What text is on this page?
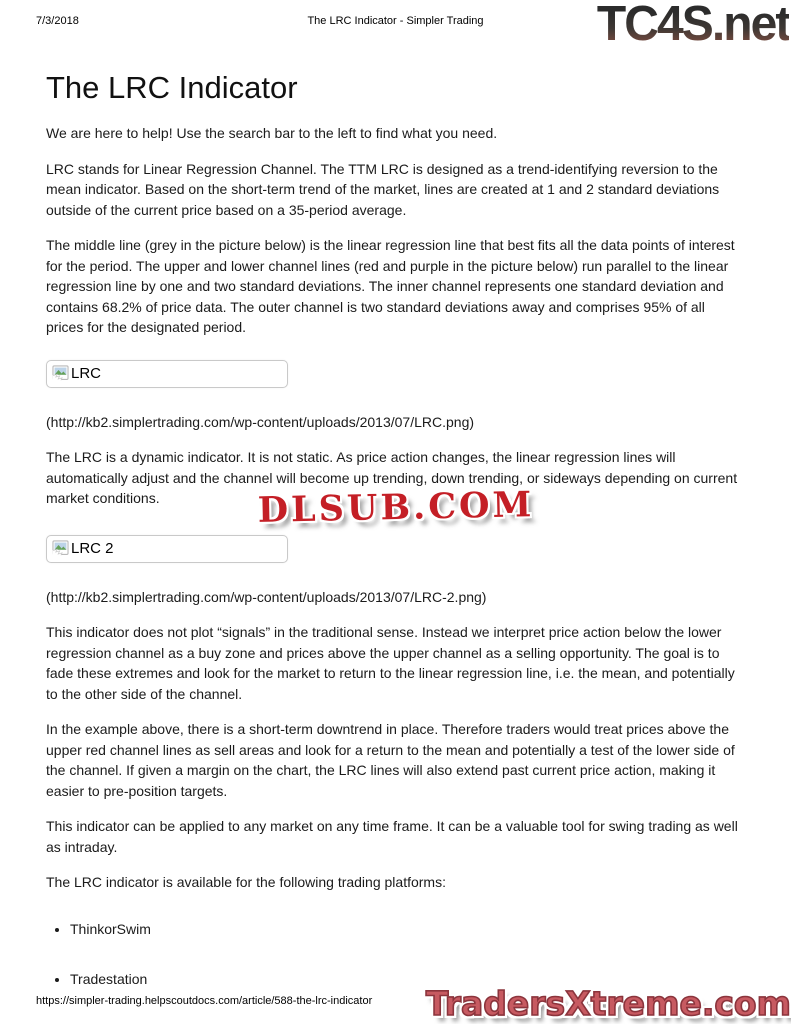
7/3/2018	The LRC Indicator - Simpler Trading	TC4S.net
The LRC Indicator

We are here to help! Use the search bar to the left to find what you need.

LRC stands for Linear Regression Channel. The TTM LRC is designed as a trend-identifying reversion to the mean indicator. Based on the short-term trend of the market, lines are created at 1 and 2 standard deviations outside of the current price based on a 35-period average.

The middle line (grey in the picture below) is the linear regression line that best fits all the data points of interest for the period. The upper and lower channel lines (red and purple in the picture below) run parallel to the linear regression line by one and two standard deviations. The inner channel represents one standard deviation and contains 68.2% of price data. The outer channel is two standard deviations away and comprises 95% of all prices for the designated period.

LRC

(http://kb2.simplertrading.com/wp-content/uploads/2013/07/LRC.png)

The LRC is a dynamic indicator. It is not static. As price action changes, the linear regression lines will automatically adjust and the channel will become up trending, down trending, or sideways depending on current market conditions.

LRC 2

(http://kb2.simplertrading.com/wp-content/uploads/2013/07/LRC-2.png)

This indicator does not plot “signals” in the traditional sense. Instead we interpret price action below the lower regression channel as a buy zone and prices above the upper channel as a selling opportunity. The goal is to fade these extremes and look for the market to return to the linear regression line, i.e. the mean, and potentially to the other side of the channel.

In the example above, there is a short-term downtrend in place. Therefore traders would treat prices above the upper red channel lines as sell areas and look for a return to the mean and potentially a test of the lower side of the channel. If given a margin on the chart, the LRC lines will also extend past current price action, making it easier to pre-position targets.

This indicator can be applied to any market on any time frame. It can be a valuable tool for swing trading as well as intraday.

The LRC indicator is available for the following trading platforms:

• ThinkorSwim
• Tradestation
DLSUB.COM
TradersXtreme.com
https://simpler-trading.helpscoutdocs.com/article/588-the-lrc-indicator
